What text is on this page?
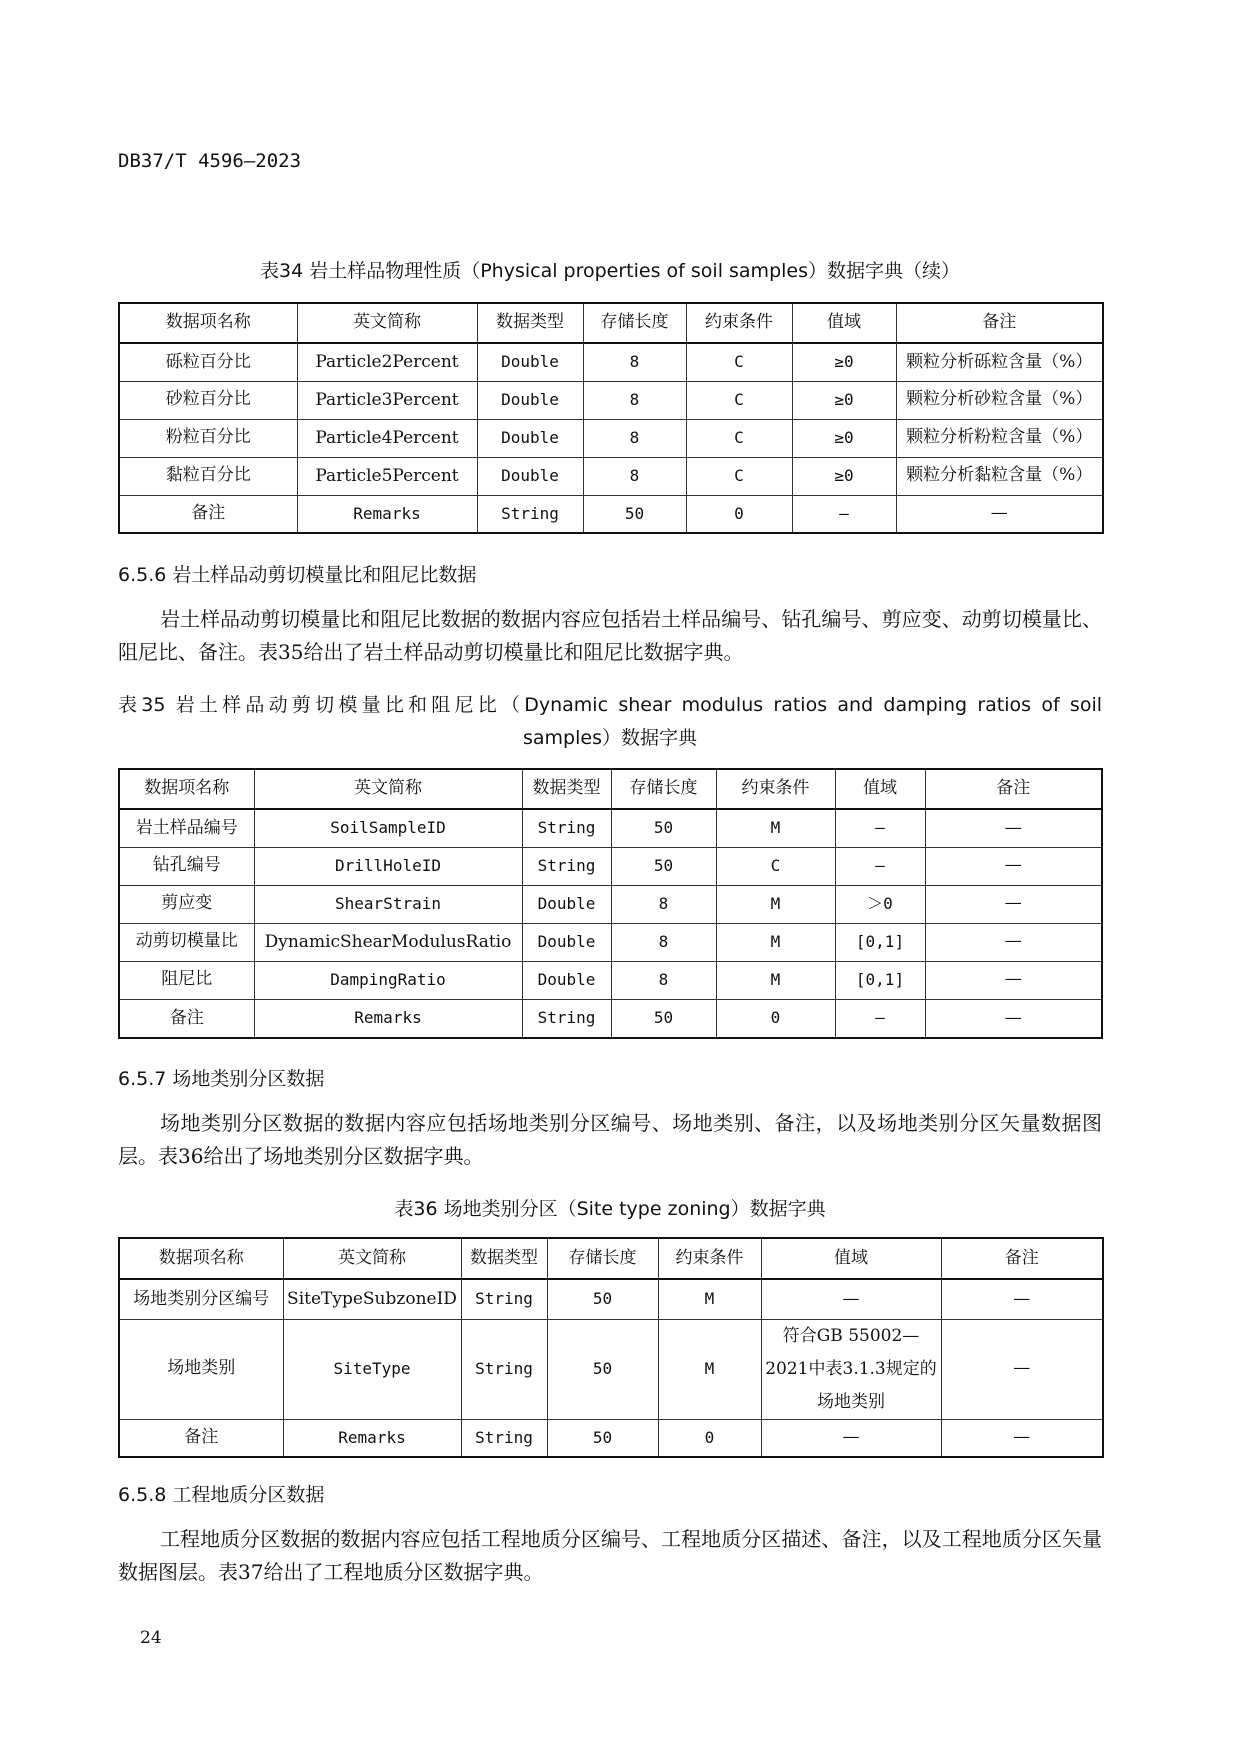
DB37/T 4596—2023
表34 岩土样品物理性质（Physical properties of soil samples）数据字典（续）
数据项名称	英文简称	数据类型	存储长度	约束条件	值域	备注
砾粒百分比	Particle2Percent	Double	8	C	≥0	颗粒分析砾粒含量（%）
砂粒百分比	Particle3Percent	Double	8	C	≥0	颗粒分析砂粒含量（%）
粉粒百分比	Particle4Percent	Double	8	C	≥0	颗粒分析粉粒含量（%）
黏粒百分比	Particle5Percent	Double	8	C	≥0	颗粒分析黏粒含量（%）
备注	Remarks	String	50	0	—	—
6.5.6 岩土样品动剪切模量比和阻尼比数据
岩土样品动剪切模量比和阻尼比数据的数据内容应包括岩土样品编号、钻孔编号、剪应变、动剪切模量比、阻尼比、备注。表35给出了岩土样品动剪切模量比和阻尼比数据字典。
表35 岩土样品动剪切模量比和阻尼比（Dynamic shear modulus ratios and damping ratios of soil
samples）数据字典
数据项名称	英文简称	数据类型	存储长度	约束条件	值域	备注
岩土样品编号	SoilSampleID	String	50	M	—	—
钻孔编号	DrillHoleID	String	50	C	—	—
剪应变	ShearStrain	Double	8	M	＞0	—
动剪切模量比	DynamicShearModulusRatio	Double	8	M	[0,1]	—
阻尼比	DampingRatio	Double	8	M	[0,1]	—
备注	Remarks	String	50	0	—	—
6.5.7 场地类别分区数据
场地类别分区数据的数据内容应包括场地类别分区编号、场地类别、备注，以及场地类别分区矢量数据图层。表36给出了场地类别分区数据字典。
表36 场地类别分区（Site type zoning）数据字典
数据项名称	英文简称	数据类型	存储长度	约束条件	值域	备注
场地类别分区编号	SiteTypeSubzoneID	String	50	M	—	—
场地类别	SiteType	String	50	M	符合GB 55002—2021中表3.1.3规定的场地类别	—
备注	Remarks	String	50	0	—	—
6.5.8 工程地质分区数据
工程地质分区数据的数据内容应包括工程地质分区编号、工程地质分区描述、备注，以及工程地质分区矢量数据图层。表37给出了工程地质分区数据字典。
24
